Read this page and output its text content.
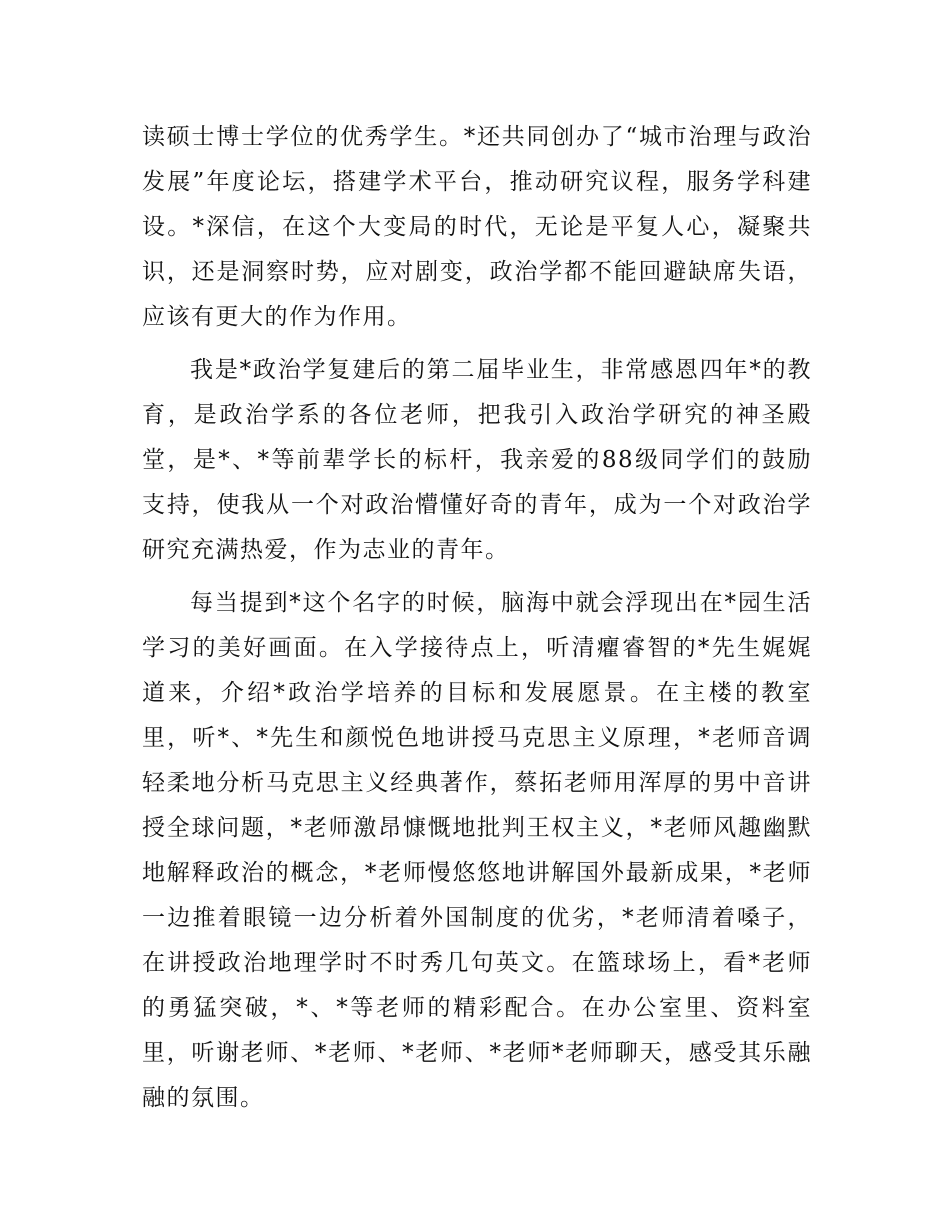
读硕士博士学位的优秀学生。*还共同创办了“城市治理与政治发展”年度论坛，搭建学术平台，推动研究议程，服务学科建设。*深信，在这个大变局的时代，无论是平复人心，凝聚共识，还是洞察时势，应对剧变，政治学都不能回避缺席失语，应该有更大的作为作用。

我是*政治学复建后的第二届毕业生，非常感恩四年*的教育，是政治学系的各位老师，把我引入政治学研究的神圣殿堂，是*、*等前辈学长的标杆，我亲爱的88级同学们的鼓励支持，使我从一个对政治懵懂好奇的青年，成为一个对政治学研究充满热爱，作为志业的青年。

每当提到*这个名字的时候，脑海中就会浮现出在*园生活学习的美好画面。在入学接待点上，听清癯睿智的*先生娓娓道来，介绍*政治学培养的目标和发展愿景。在主楼的教室里，听*、*先生和颜悦色地讲授马克思主义原理，*老师音调轻柔地分析马克思主义经典著作，蔡拓老师用浑厚的男中音讲授全球问题，*老师激昂慷慨地批判王权主义，*老师风趣幽默地解释政治的概念，*老师慢悠悠地讲解国外最新成果，*老师一边推着眼镜一边分析着外国制度的优劣，*老师清着嗓子，在讲授政治地理学时不时秀几句英文。在篮球场上，看*老师的勇猛突破，*、*等老师的精彩配合。在办公室里、资料室里，听谢老师、*老师、*老师、*老师*老师聊天，感受其乐融融的氛围。
